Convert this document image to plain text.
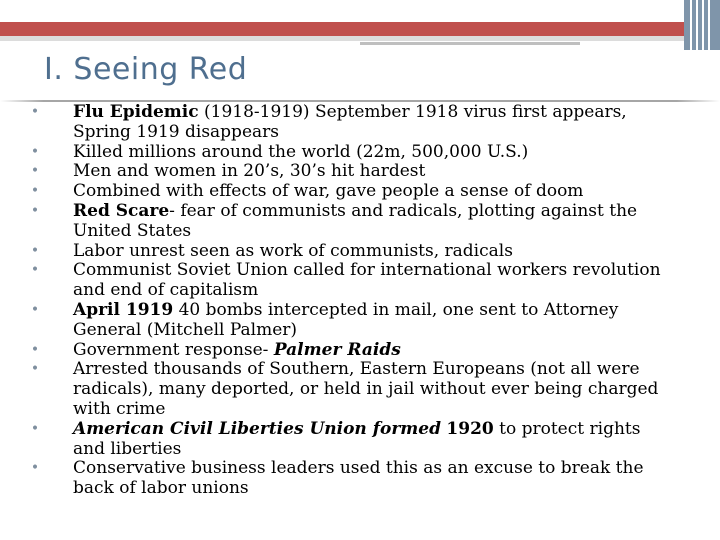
I. Seeing Red
• Flu Epidemic (1918-1919) September 1918 virus first appears, Spring 1919 disappears
• Killed millions around the world (22m, 500,000 U.S.)
• Men and women in 20’s, 30’s hit hardest
• Combined with effects of war, gave people a sense of doom
• Red Scare- fear of communists and radicals, plotting against the United States
• Labor unrest seen as work of communists, radicals
• Communist Soviet Union called for international workers revolution and end of capitalism
• April 1919 40 bombs intercepted in mail, one sent to Attorney General (Mitchell Palmer)
• Government response- Palmer Raids
• Arrested thousands of Southern, Eastern Europeans (not all were radicals), many deported, or held in jail without ever being charged with crime
• American Civil Liberties Union formed 1920 to protect rights and liberties
• Conservative business leaders used this as an excuse to break the back of labor unions
